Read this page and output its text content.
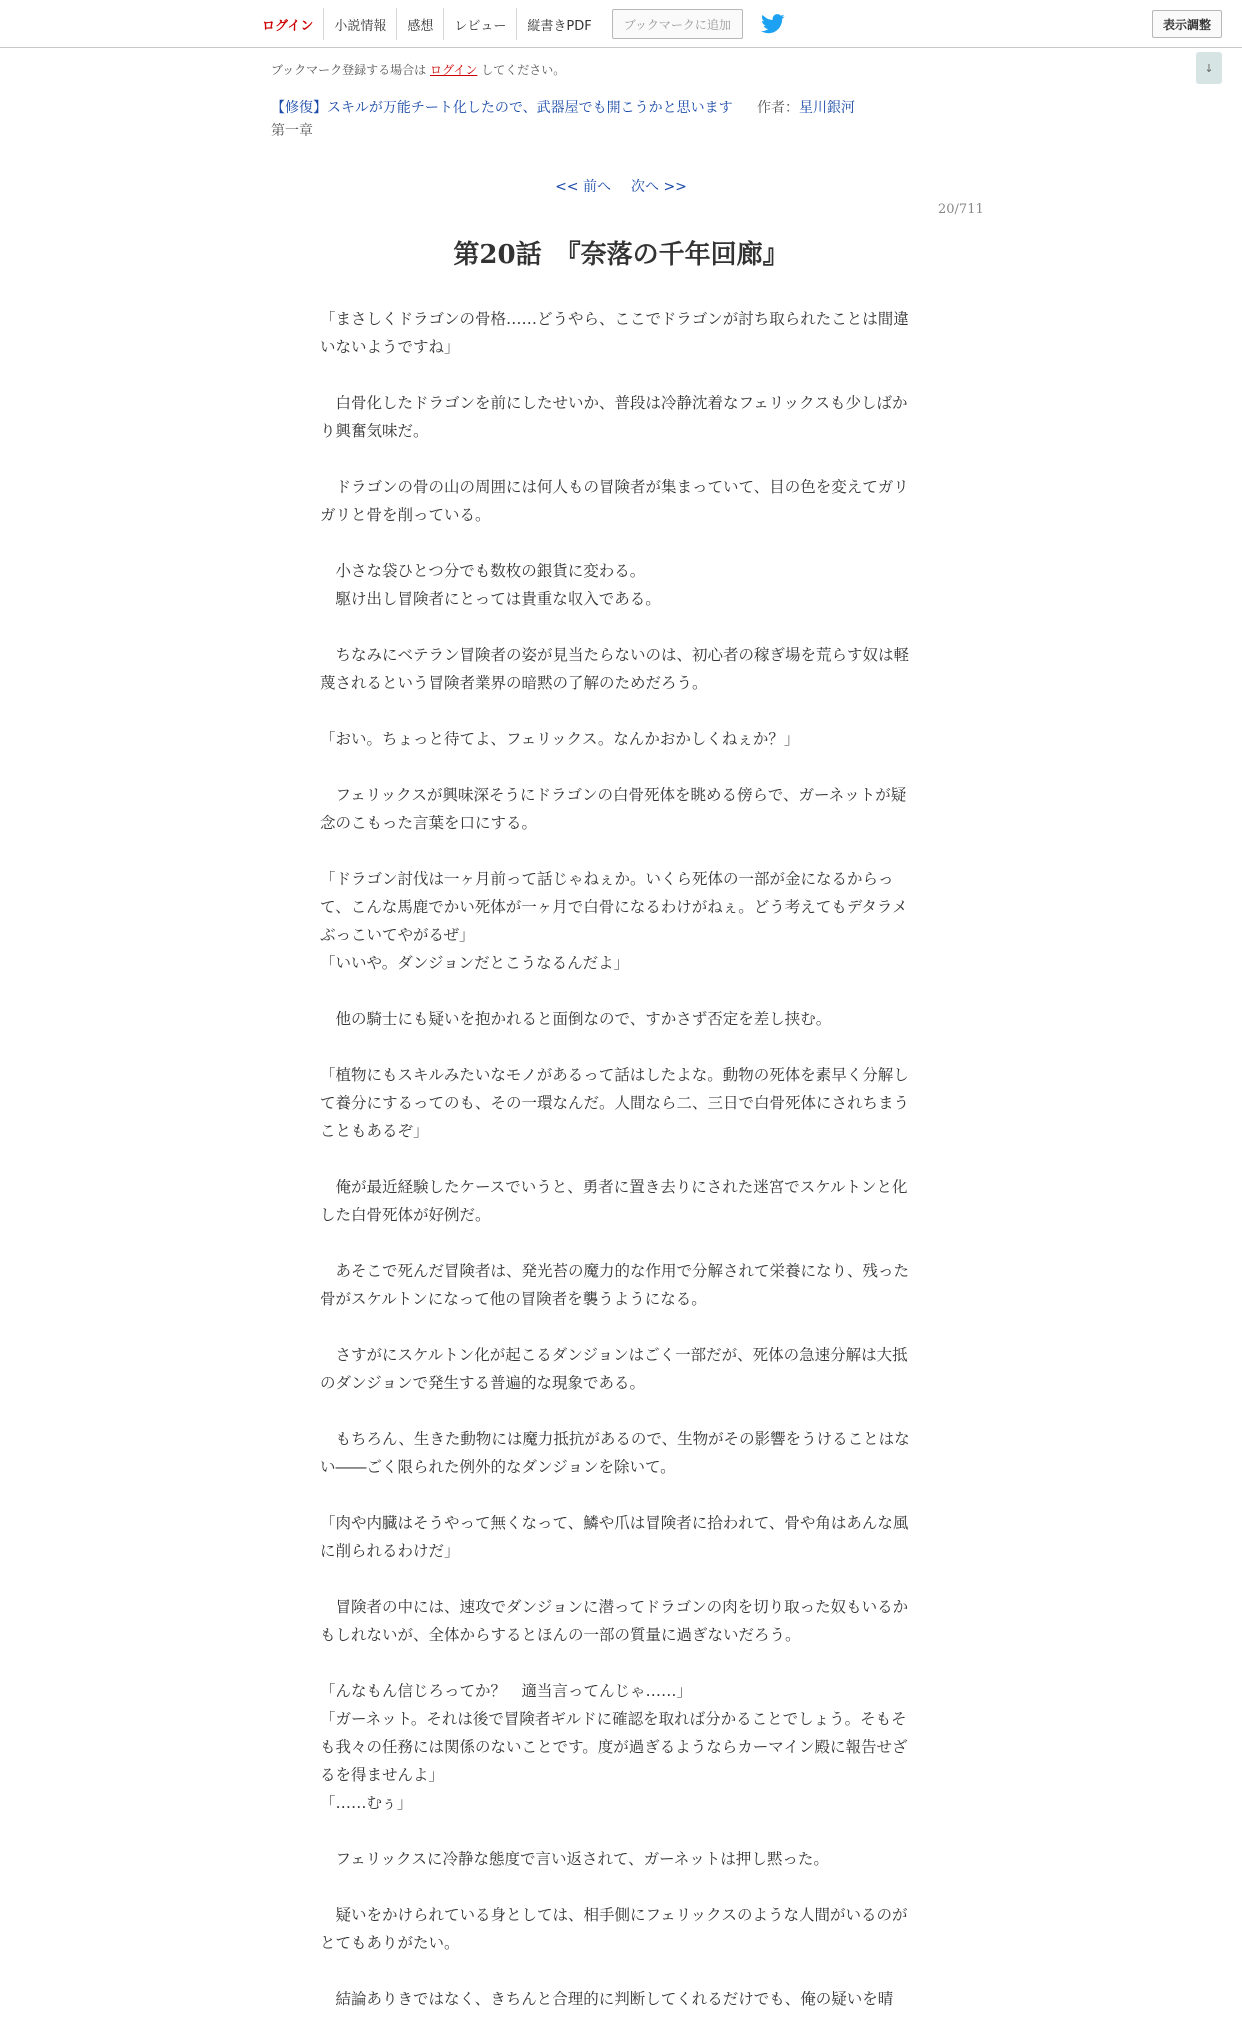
ログイン	小説情報	感想	レビュー	縦書きPDF	ブックマークに追加	表示調整
↓
ブックマーク登録する場合は ログイン してください。
【修復】スキルが万能チート化したので、武器屋でも開こうかと思います 作者：星川銀河
第一章
<< 前へ 次へ >>
20/711
第20話　『奈落の千年回廊』

「まさしくドラゴンの骨格……どうやら、ここでドラゴンが討ち取られたことは間違いないようですね」

　白骨化したドラゴンを前にしたせいか、普段は冷静沈着なフェリックスも少しばかり興奮気味だ。

　ドラゴンの骨の山の周囲には何人もの冒険者が集まっていて、目の色を変えてガリガリと骨を削っている。

　小さな袋ひとつ分でも数枚の銀貨に変わる。
　駆け出し冒険者にとっては貴重な収入である。

　ちなみにベテラン冒険者の姿が見当たらないのは、初心者の稼ぎ場を荒らす奴は軽蔑されるという冒険者業界の暗黙の了解のためだろう。

「おい。ちょっと待てよ、フェリックス。なんかおかしくねぇか？」

　フェリックスが興味深そうにドラゴンの白骨死体を眺める傍らで、ガーネットが疑念のこもった言葉を口にする。

「ドラゴン討伐は一ヶ月前って話じゃねぇか。いくら死体の一部が金になるからって、こんな馬鹿でかい死体が一ヶ月で白骨になるわけがねぇ。どう考えてもデタラメぶっこいてやがるぜ」
「いいや。ダンジョンだとこうなるんだよ」

　他の騎士にも疑いを抱かれると面倒なので、すかさず否定を差し挟む。

「植物にもスキルみたいなモノがあるって話はしたよな。動物の死体を素早く分解して養分にするってのも、その一環なんだ。人間なら二、三日で白骨死体にされちまうこともあるぞ」

　俺が最近経験したケースでいうと、勇者に置き去りにされた迷宮でスケルトンと化した白骨死体が好例だ。

　あそこで死んだ冒険者は、発光苔の魔力的な作用で分解されて栄養になり、残った骨がスケルトンになって他の冒険者を襲うようになる。

　さすがにスケルトン化が起こるダンジョンはごく一部だが、死体の急速分解は大抵のダンジョンで発生する普遍的な現象である。

　もちろん、生きた動物には魔力抵抗があるので、生物がその影響をうけることはない――ごく限られた例外的なダンジョンを除いて。

「肉や内臓はそうやって無くなって、鱗や爪は冒険者に拾われて、骨や角はあんな風に削られるわけだ」

　冒険者の中には、速攻でダンジョンに潜ってドラゴンの肉を切り取った奴もいるかもしれないが、全体からするとほんの一部の質量に過ぎないだろう。

「んなもん信じろってか？　適当言ってんじゃ……」
「ガーネット。それは後で冒険者ギルドに確認を取れば分かることでしょう。そもそも我々の任務には関係のないことです。度が過ぎるようならカーマイン殿に報告せざるを得ませんよ」
「……むぅ」

　フェリックスに冷静な態度で言い返されて、ガーネットは押し黙った。

　疑いをかけられている身としては、相手側にフェリックスのような人間がいるのがとてもありがたい。

　結論ありきではなく、きちんと合理的に判断してくれるだけでも、俺の疑いを晴
